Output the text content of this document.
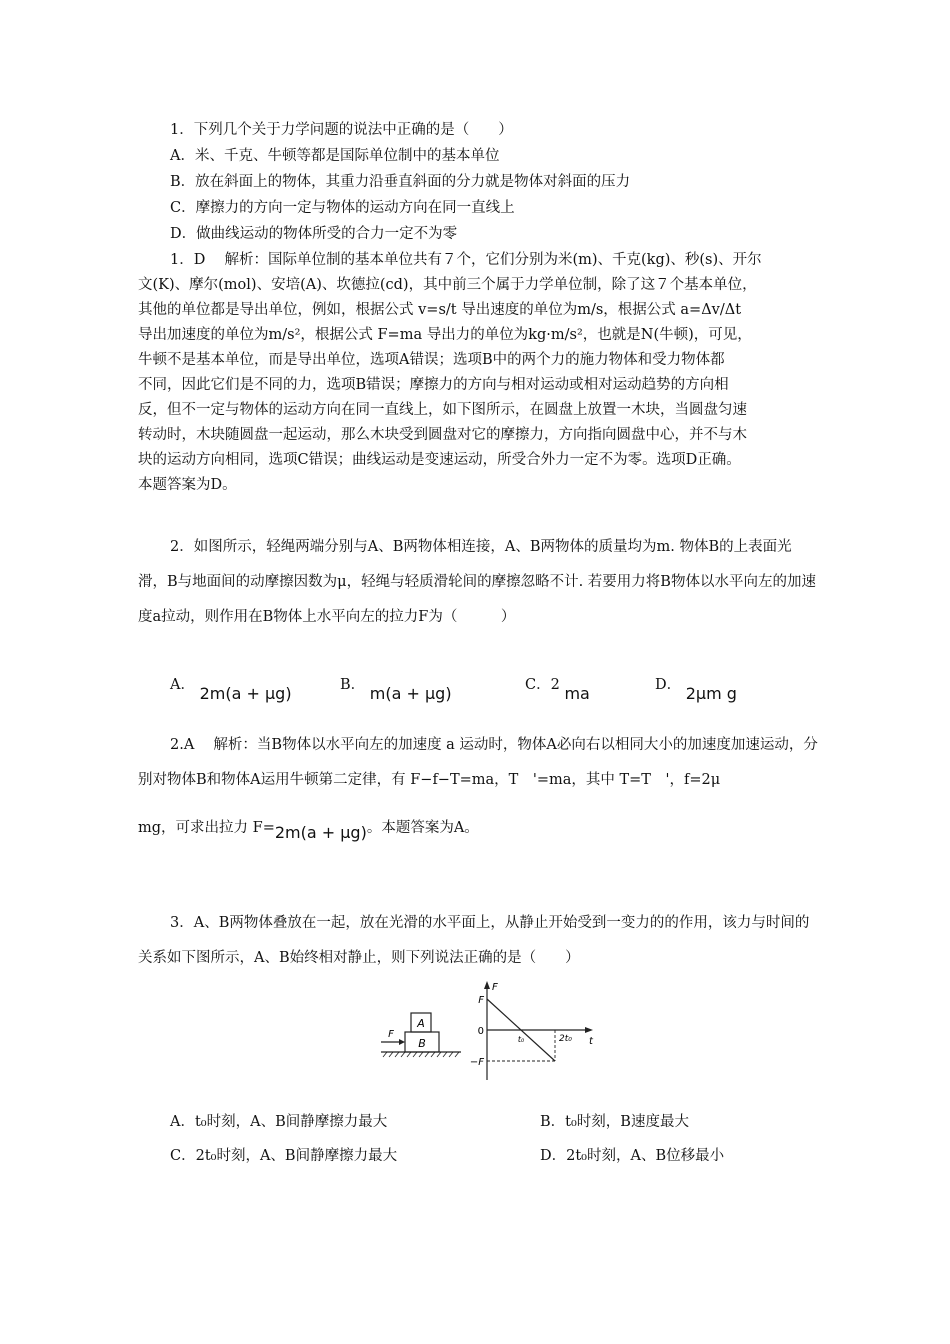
1．下列几个关于力学问题的说法中正确的是（　　）
A．米、千克、牛顿等都是国际单位制中的基本单位
B．放在斜面上的物体，其重力沿垂直斜面的分力就是物体对斜面的压力
C．摩擦力的方向一定与物体的运动方向在同一直线上
D．做曲线运动的物体所受的合力一定不为零
1．D　 解析：国际单位制的基本单位共有７个，它们分别为米(m)、千克(kg)、秒(s)、开尔
文(K)、摩尔(mol)、安培(A)、坎德拉(cd)，其中前三个属于力学单位制，除了这７个基本单位，
其他的单位都是导出单位，例如，根据公式 v=s/t 导出速度的单位为m/s，根据公式 a=Δv/Δt
导出加速度的单位为m/s²，根据公式 F=ma 导出力的单位为kg·m/s²，也就是N(牛顿)，可见，
牛顿不是基本单位，而是导出单位，选项A错误；选项B中的两个力的施力物体和受力物体都
不同，因此它们是不同的力，选项B错误；摩擦力的方向与相对运动或相对运动趋势的方向相
反，但不一定与物体的运动方向在同一直线上，如下图所示，在圆盘上放置一木块，当圆盘匀速
转动时，木块随圆盘一起运动，那么木块受到圆盘对它的摩擦力，方向指向圆盘中心，并不与木
块的运动方向相同，选项C错误；曲线运动是变速运动，所受合外力一定不为零。选项D正确。
本题答案为D。
2．如图所示，轻绳两端分别与A、B两物体相连接，A、B两物体的质量均为m. 物体B的上表面光滑，B与地面间的动摩擦因数为μ，轻绳与轻质滑轮间的摩擦忽略不计. 若要用力将B物体以水平向左的加速度a拉动，则作用在B物体上水平向左的拉力F为（　　　）
A． 2m(a + μg)	B． m(a + μg)	C．2 ma	D． 2μm g
2.A　 解析：当B物体以水平向左的加速度 a 运动时，物体A必向右以相同大小的加速度加速运动，分别对物体B和物体A运用牛顿第二定律，有 F−f−T=ma，T　'=ma，其中 T=T　'，f=2μ
mg，可求出拉力 F=2m(a + μg)。本题答案为A。
3．A、B两物体叠放在一起，放在光滑的水平面上，从静止开始受到一变力的的作用，该力与时间的关系如下图所示，A、B始终相对静止，则下列说法正确的是（　　）
B
A
F
F
t
0
F
−F
t₀	2t₀
A．t₀时刻，A、B间静摩擦力最大	B．t₀时刻，B速度最大
C．2t₀时刻，A、B间静摩擦力最大	D．2t₀时刻，A、B位移最小
